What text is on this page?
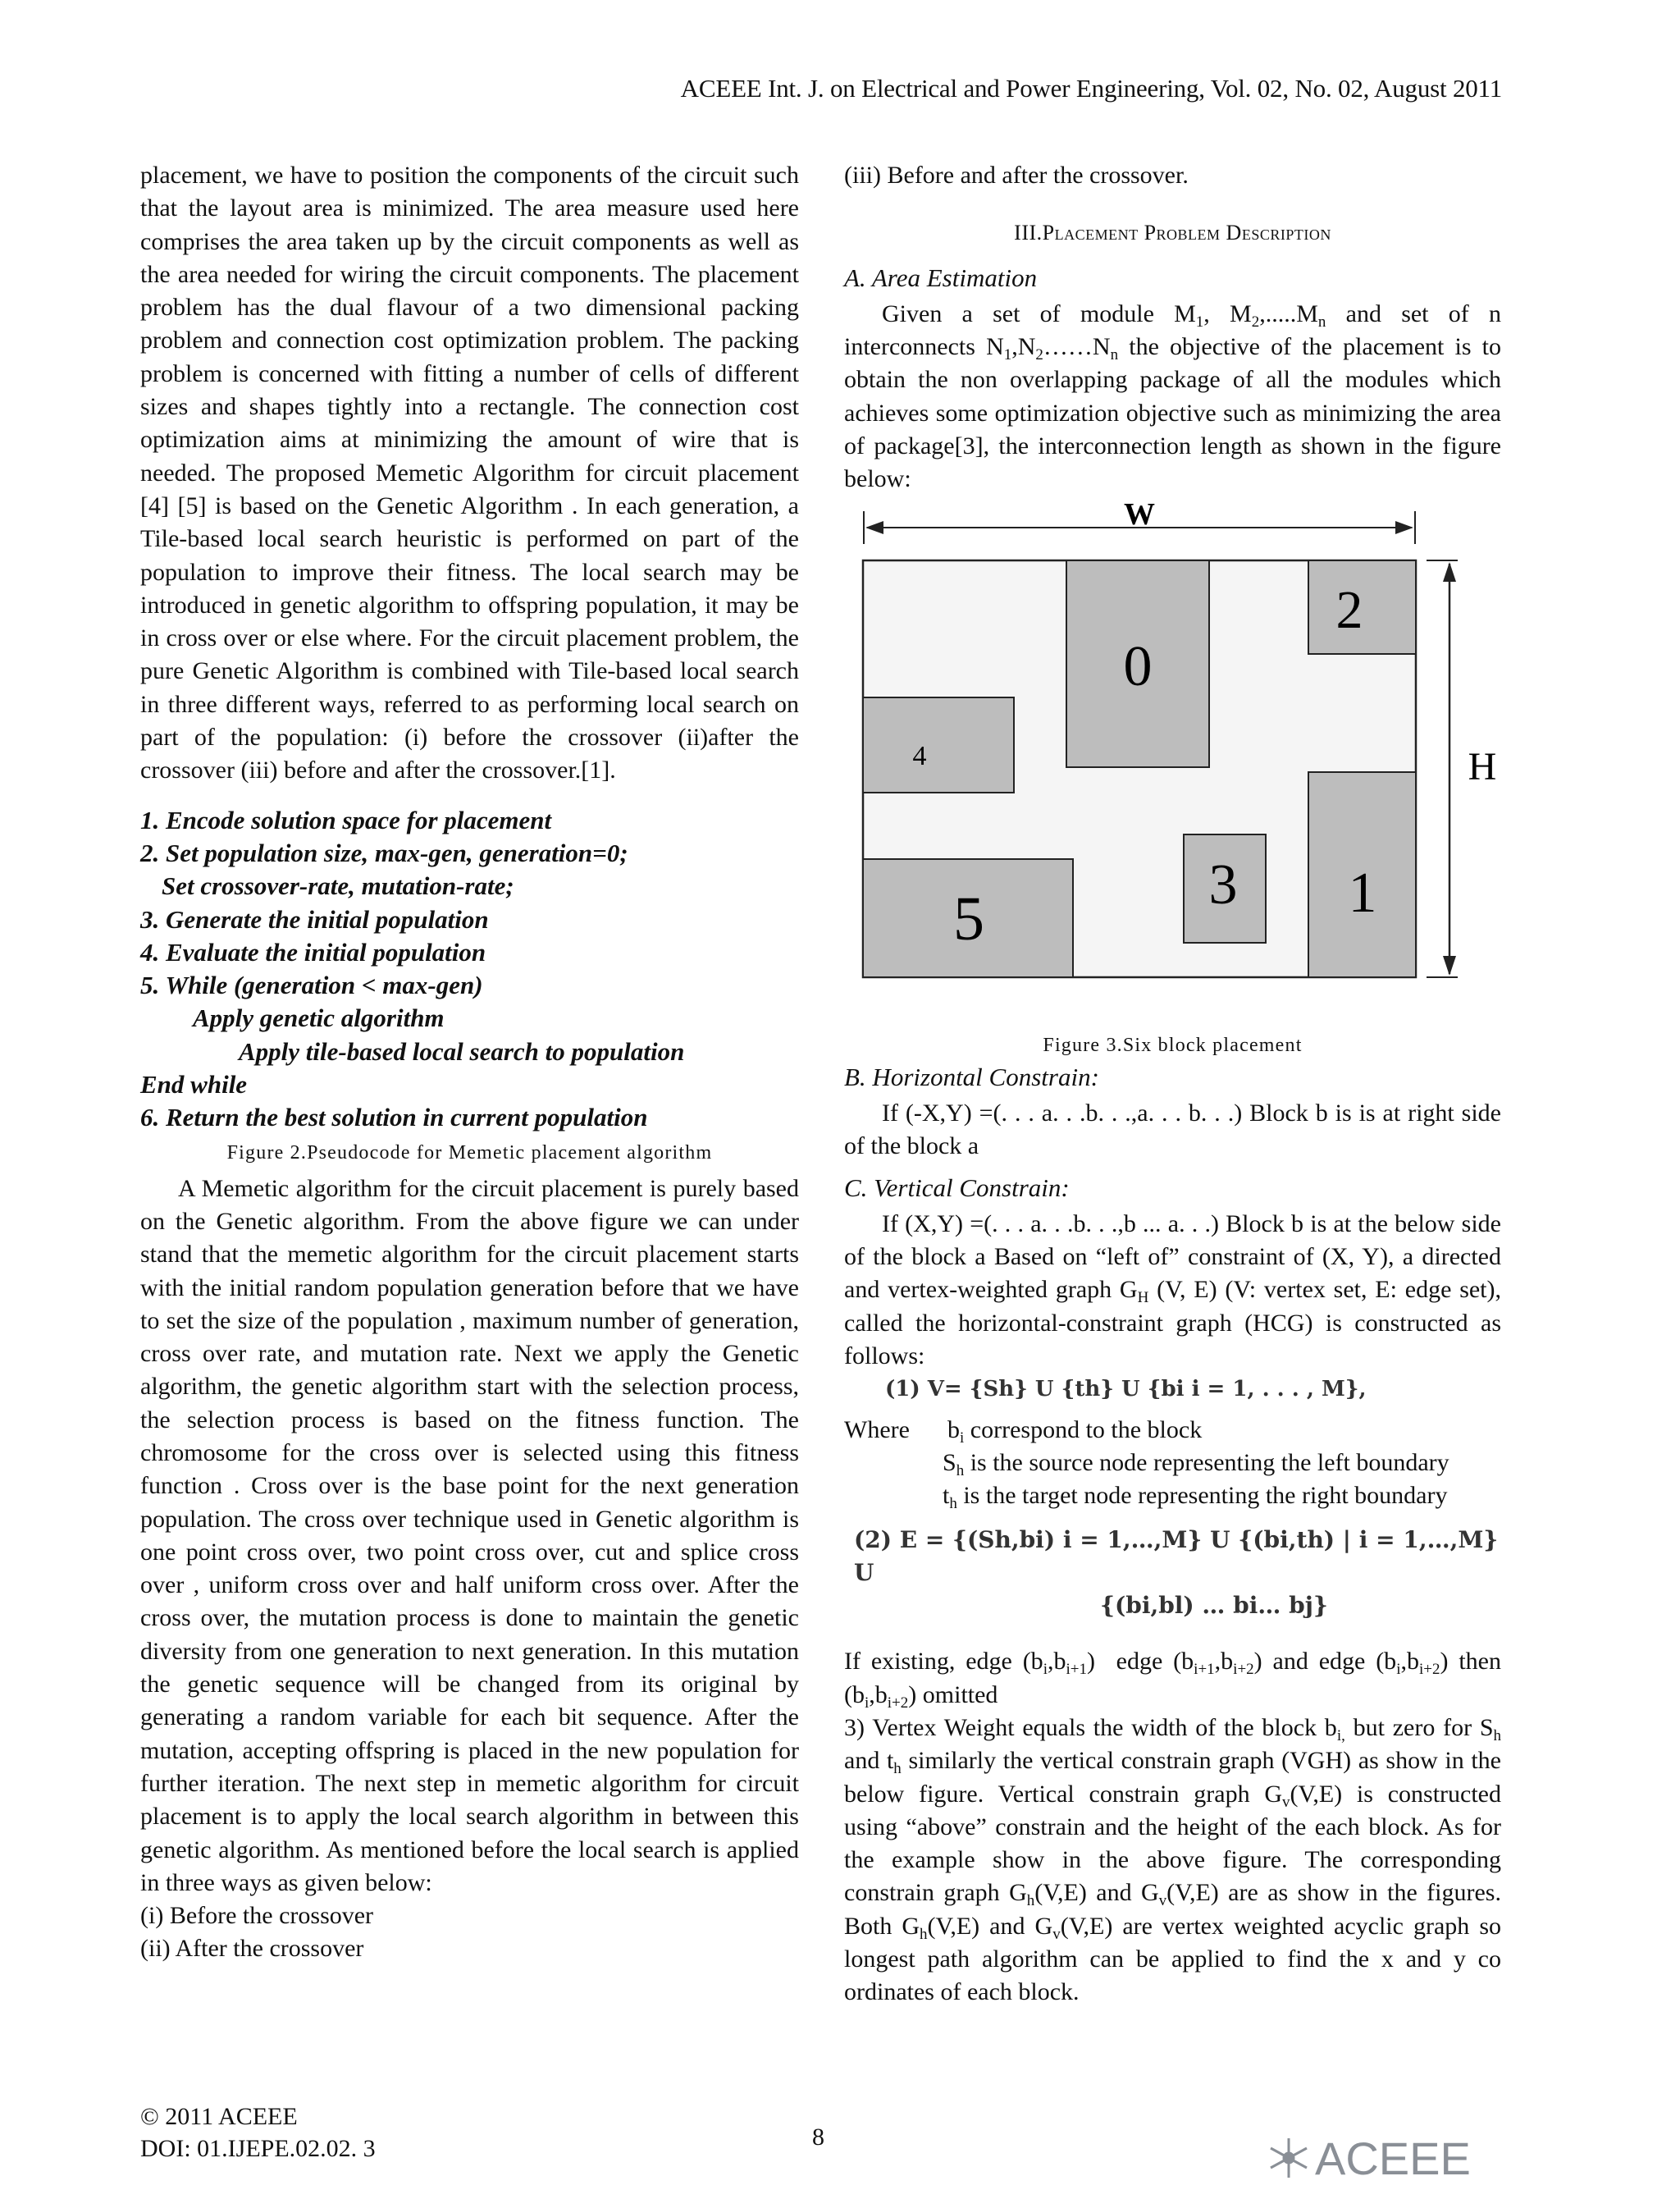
ACEEE Int. J. on Electrical and Power Engineering, Vol. 02, No. 02, August 2011

placement, we have to position the components of the circuit such that the layout area is minimized. The area measure used here comprises the area taken up by the circuit components as well as the area needed for wiring the circuit components. The placement problem has the dual flavour of a two dimensional packing problem and connection cost optimization problem. The packing problem is concerned with fitting a number of cells of different sizes and shapes tightly into a rectangle. The connection cost optimization aims at minimizing the amount of wire that is needed. The proposed Memetic Algorithm for circuit placement [4] [5] is based on the Genetic Algorithm . In each generation, a Tile-based local search heuristic is performed on part of the population to improve their fitness. The local search may be introduced in genetic algorithm to offspring population, it may be in cross over or else where. For the circuit placement problem, the pure Genetic Algorithm is combined with Tile-based local search in three different ways, referred to as performing local search on part of the population: (i) before the crossover (ii)after the crossover (iii) before and after the crossover.[1].

1. Encode solution space for placement
2. Set population size, max-gen, generation=0;
Set crossover-rate, mutation-rate;
3. Generate the initial population
4. Evaluate the initial population
5. While (generation < max-gen)
Apply genetic algorithm
Apply tile-based local search to population
End while
6. Return the best solution in current population
Figure 2.Pseudocode for Memetic placement algorithm

A Memetic algorithm for the circuit placement is purely based on the Genetic algorithm. From the above figure we can under stand that the memetic algorithm for the circuit placement starts with the initial random population generation before that we have to set the size of the population , maximum number of generation, cross over rate, and mutation rate. Next we apply the Genetic algorithm, the genetic algorithm start with the selection process, the selection process is based on the fitness function. The chromosome for the cross over is selected using this fitness function . Cross over is the base point for the next generation population. The cross over technique used in Genetic algorithm is one point cross over, two point cross over, cut and splice cross over , uniform cross over and half uniform cross over. After the cross over, the mutation process is done to maintain the genetic diversity from one generation to next generation. In this mutation the genetic sequence will be changed from its original by generating a random variable for each bit sequence. After the mutation, accepting offspring is placed in the new population for further iteration. The next step in memetic algorithm for circuit placement is to apply the local search algorithm in between this genetic algorithm. As mentioned before the local search is applied in three ways as given below:

(i) Before the crossover

(ii) After the crossover

(iii) Before and after the crossover.

III.Placement Problem Description
A. Area Estimation

Given a set of module $M_1$, $M_2,.....M_n$ and set of n interconnects $N_1,N_2\dots\dots N_n$ the objective of the placement is to obtain the non overlapping package of all the modules which achieves some optimization objective such as minimizing the area of package[3], the interconnection length as shown in the figure below:

W
H
0
2
4
1
3
5
Figure 3.Six block placement
B. Horizontal Constrain:

If (-X,Y) =(. . . a. . .b. . .,a. . . b. . .) Block b is is at right side of the block a

C. Vertical Constrain:

If (X,Y) =(. . . a. . .b. . .,b ... a. . .) Block b is at the below side of the block a Based on “left of” constraint of (X, Y), a directed and vertex-weighted graph $G_H$ (V, E) (V: vertex set, E: edge set), called the horizontal-constraint graph (HCG) is constructed as follows:

(1) V= {Sh} U {th} U {bi i = 1, . . . , M},
Where $b_i$ correspond to the block
$S_h$ is the source node representing the left boundary
$t_h$ is the target node representing the right boundary
(2) E = {(Sh,bi) i = 1,…,M} U {(bi,th) | i = 1,…,M} U
{(bi,bl) … bi… bj}

If existing, edge $(b_i,b_{i+1})$  edge $(b_{i+1},b_{i+2})$ and edge $(b_i,b_{i+2})$ then $(b_i,b_{i+2})$ omitted

3) Vertex Weight equals the width of the block $b_{i,}$ but zero for $S_h$ and $t_h$ similarly the vertical constrain graph (VGH) as show in the below figure. Vertical constrain graph $G_v(V,E)$ is constructed using “above” constrain and the height of the each block. As for the example show in the above figure. The corresponding constrain graph $G_h(V,E)$ and $G_v(V,E)$ are as show in the figures. Both $G_h(V,E)$ and $G_v(V,E)$ are vertex weighted acyclic graph so longest path algorithm can be applied to find the x and y co ordinates of each block.

© 2011 ACEEE
DOI: 01.IJEPE.02.02. 3	8	ACEEE
